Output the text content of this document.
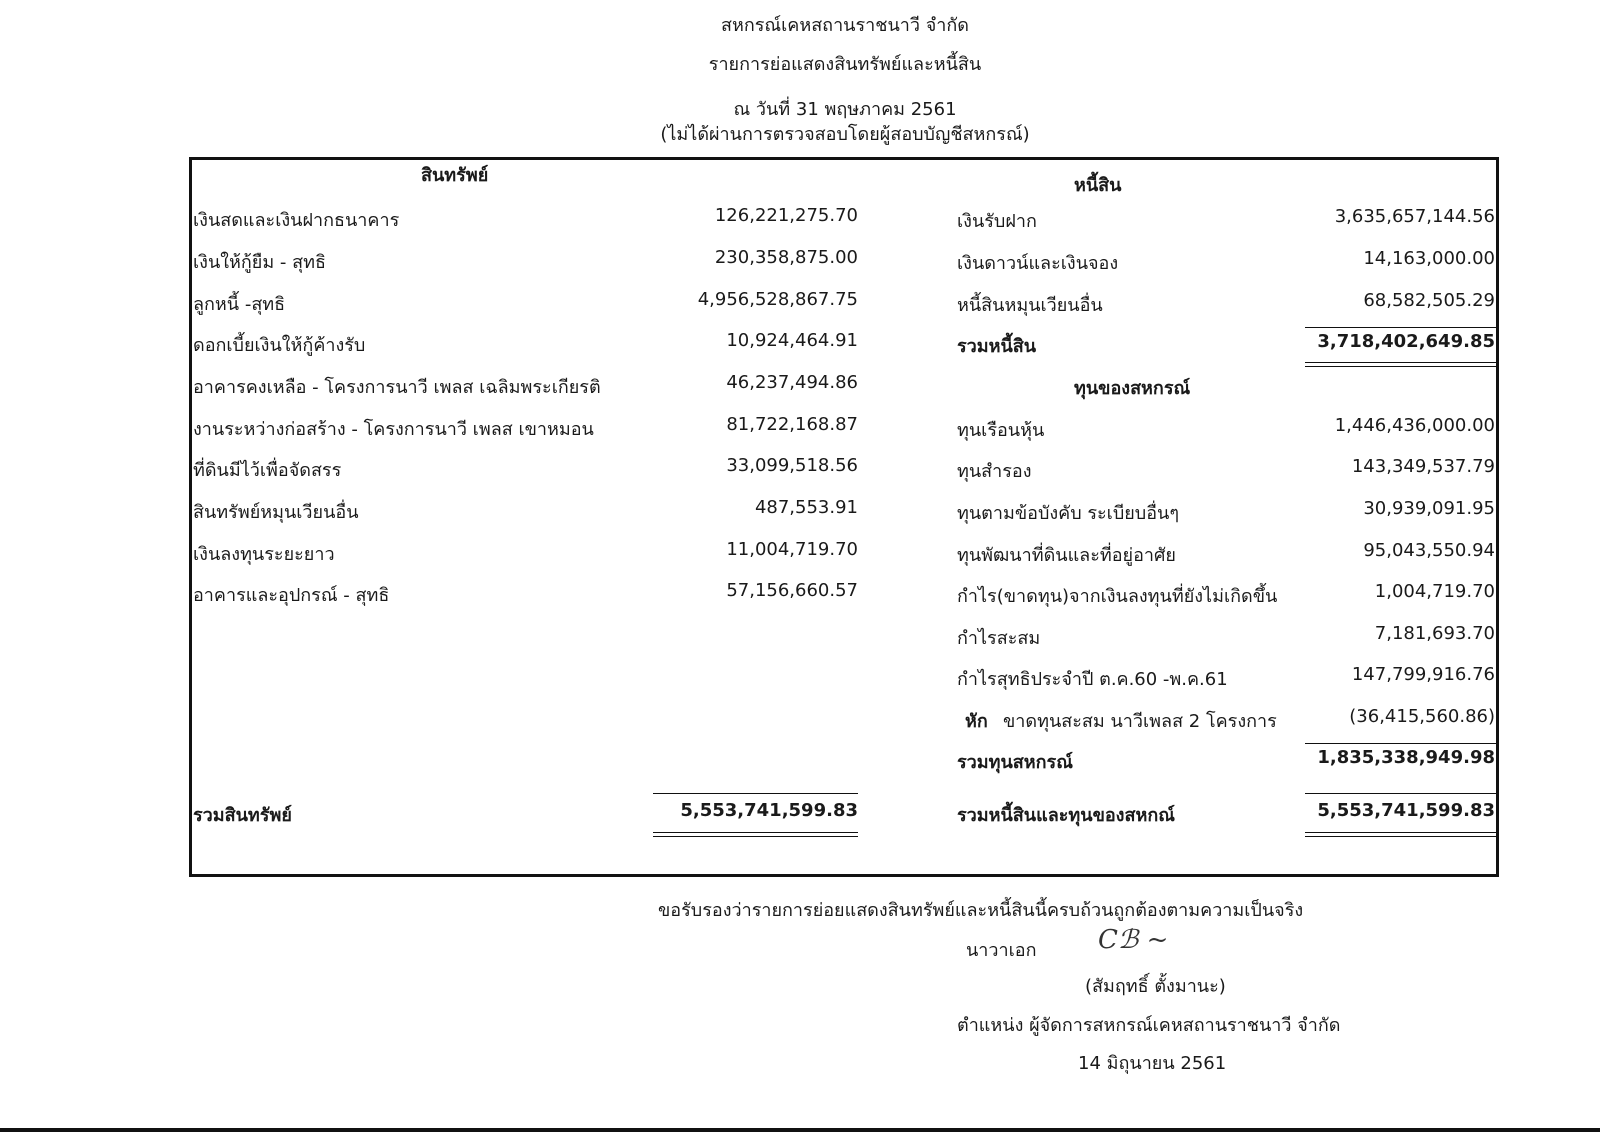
สหกรณ์เคหสถานราชนาวี จำกัด
รายการย่อแสดงสินทรัพย์และหนี้สิน
ณ วันที่ 31 พฤษภาคม 2561
(ไม่ได้ผ่านการตรวจสอบโดยผู้สอบบัญชีสหกรณ์)
สินทรัพย์
เงินสดและเงินฝากธนาคาร	126,221,275.70
เงินให้กู้ยืม - สุทธิ	230,358,875.00
ลูกหนี้ -สุทธิ	4,956,528,867.75
ดอกเบี้ยเงินให้กู้ค้างรับ	10,924,464.91
อาคารคงเหลือ - โครงการนาวี เพลส เฉลิมพระเกียรติ	46,237,494.86
งานระหว่างก่อสร้าง - โครงการนาวี เพลส เขาหมอน	81,722,168.87
ที่ดินมีไว้เพื่อจัดสรร	33,099,518.56
สินทรัพย์หมุนเวียนอื่น	487,553.91
เงินลงทุนระยะยาว	11,004,719.70
อาคารและอุปกรณ์ - สุทธิ	57,156,660.57
รวมสินทรัพย์	5,553,741,599.83
หนี้สิน
เงินรับฝาก	3,635,657,144.56
เงินดาวน์และเงินจอง	14,163,000.00
หนี้สินหมุนเวียนอื่น	68,582,505.29
รวมหนี้สิน	3,718,402,649.85
ทุนของสหกรณ์
ทุนเรือนหุ้น	1,446,436,000.00
ทุนสำรอง	143,349,537.79
ทุนตามข้อบังคับ ระเบียบอื่นๆ	30,939,091.95
ทุนพัฒนาที่ดินและที่อยู่อาศัย	95,043,550.94
กำไร(ขาดทุน)จากเงินลงทุนที่ยังไม่เกิดขึ้น	1,004,719.70
กำไรสะสม	7,181,693.70
กำไรสุทธิประจำปี ต.ค.60 -พ.ค.61	147,799,916.76
หัก ขาดทุนสะสม นาวีเพลส 2 โครงการ	(36,415,560.86)
รวมทุนสหกรณ์	1,835,338,949.98
รวมหนี้สินและทุนของสหกณ์	5,553,741,599.83
ขอรับรองว่ารายการย่อยแสดงสินทรัพย์และหนี้สินนี้ครบถ้วนถูกต้องตามความเป็นจริง
นาวาเอก Cℬ ~
(สัมฤทธิ์ ตั้งมานะ)
ตำแหน่ง ผู้จัดการสหกรณ์เคหสถานราชนาวี จำกัด
14 มิถุนายน 2561
